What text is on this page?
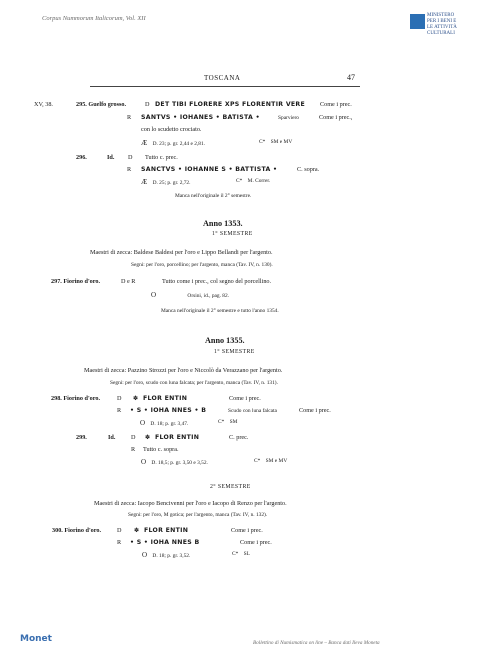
Corpus Nummorum Italicorum, Vol. XII	MINISTERO
PER I BENI E
LE ATTIVITÀ
CULTURALI
TOSCANA	47
XV, 38.	295. Guelfo grosso.	D DET TIBI FLORERE XPS FLORENTIR VERE Come i prec.
R SANTVS • IOHANES • BATISTA •	Sparviero	Come i prec.,
con lo scudetto crociato.
Æ D. 23; p. gr. 2,44 e 2,81.	C* SM e MV
296.	Id. D Tutto c. prec.
R SANCTVS • IOHANNE S • BATTISTA •	C. sopra.
Æ D. 25; p. gr. 2,72.	C* M. Correr.
Manca nell'originale il 2° semestre.
Anno 1353.
1° SEMESTRE
Maestri di zecca: Baldese Baldesi per l'oro e Lippo Bellandi per l'argento.
Segni: per l'oro, porcellino; per l'argento, manca (Tav. IV, n. 130).
297. Fiorino d'oro.	D e R	Tutto come i prec., col segno del porcellino.
O	Orsini, id., pag. 82.
Manca nell'originale il 2° semestre e tutto l'anno 1354.
Anno 1355.
1° SEMESTRE
Maestri di zecca: Pazzino Strozzi per l'oro e Niccolò da Verazzano per l'argento.
Segni: per l'oro, scudo con luna falcata; per l'argento, manca (Tav. IV, n. 131).
298. Fiorino d'oro.	D ✽ FLOR ENTIN	Come i prec.
R • S • IOHA NNES • B	Scudo con luna falcata	Come i prec.
O D. 18; p. gr. 3,47.	C* SM
299.	Id.	D ✽ FLOR ENTIN	C. prec.
R Tutto c. sopra.
O D. 18,5; p. gr. 3,50 e 3,52.	C* SM e MV
2° SEMESTRE
Maestri di zecca: Iacopo Bencivenni per l'oro e Iacopo di Renzo per l'argento.
Segni: per l'oro, M gotica; per l'argento, manca (Tav. IV, n. 132).
300. Fiorino d'oro.	D ✽ FLOR ENTIN	Come i prec.
R • S • IOHA NNES B	Come i prec.
O D. 18; p. gr. 3,52.	C* SL
Monet	Bollettino di Numismatica on line – Banca dati Ileva Moneta
